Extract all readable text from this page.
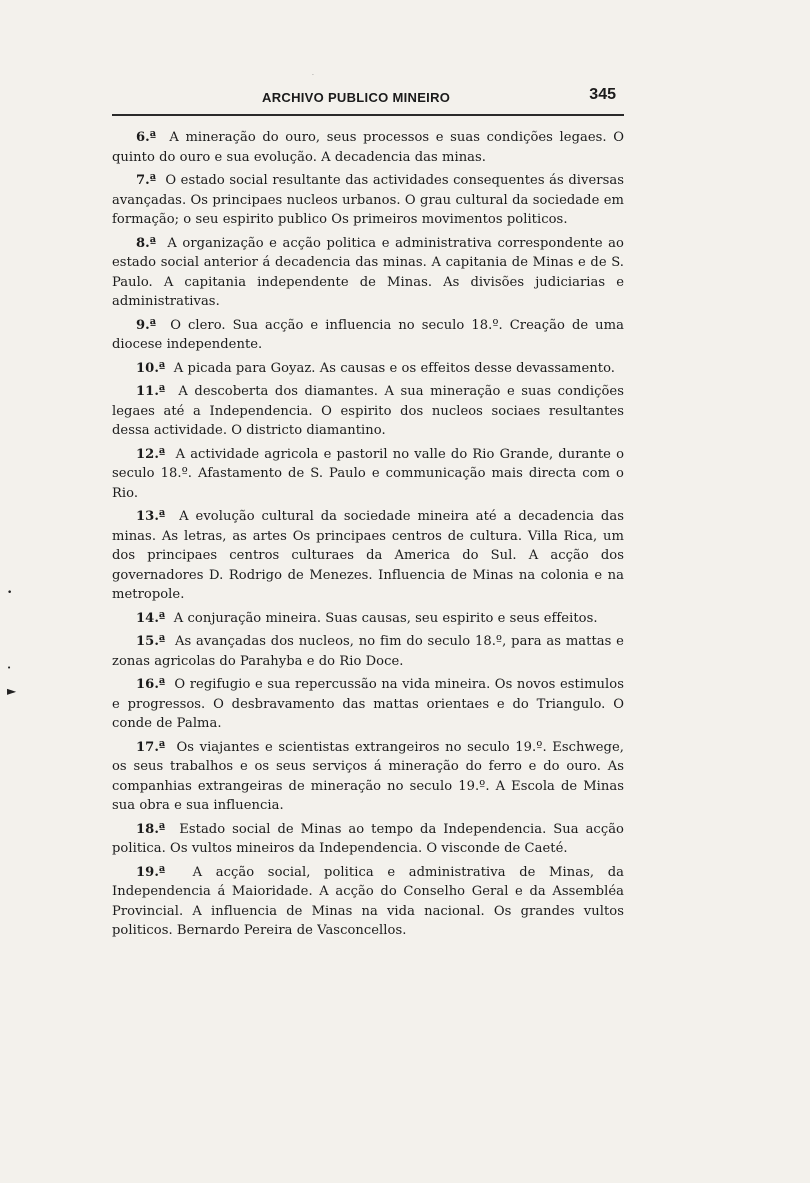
·
ARCHIVO PUBLICO MINEIRO	345

6.ª A mineração do ouro, seus processos e suas condições legaes. O quinto do ouro e sua evolução. A decadencia das minas.

7.ª O estado social resultante das actividades consequentes ás diversas avançadas. Os principaes nucleos urbanos. O grau cultural da sociedade em formação; o seu espirito publico Os primeiros movimentos politicos.

8.ª A organização e acção politica e administrativa correspondente ao estado social anterior á decadencia das minas. A capitania de Minas e de S. Paulo. A capitania independente de Minas. As divisões judiciarias e administrativas.

9.ª O clero. Sua acção e influencia no seculo 18.º. Creação de uma diocese independente.

10.ª A picada para Goyaz. As causas e os effeitos desse devassamento.

11.ª A descoberta dos diamantes. A sua mineração e suas condições legaes até a Independencia. O espirito dos nucleos sociaes resultantes dessa actividade. O districto diamantino.

12.ª A actividade agricola e pastoril no valle do Rio Grande, durante o seculo 18.º. Afastamento de S. Paulo e communicação mais directa com o Rio.

13.ª A evolução cultural da sociedade mineira até a decadencia das minas. As letras, as artes Os principaes centros de cultura. Villa Rica, um dos principaes centros culturaes da America do Sul. A acção dos governadores D. Rodrigo de Menezes. Influencia de Minas na colonia e na metropole.

14.ª A conjuração mineira. Suas causas, seu espirito e seus effeitos.

15.ª As avançadas dos nucleos, no fim do seculo 18.º, para as mattas e zonas agricolas do Parahyba e do Rio Doce.

16.ª O regifugio e sua repercussão na vida mineira. Os novos estimulos e progressos. O desbravamento das mattas orientaes e do Triangulo. O conde de Palma.

17.ª Os viajantes e scientistas extrangeiros no seculo 19.º. Eschwege, os seus trabalhos e os seus serviços á mineração do ferro e do ouro. As companhias extrangeiras de mineração no seculo 19.º. A Escola de Minas sua obra e sua influencia.

18.ª Estado social de Minas ao tempo da Independencia. Sua acção politica. Os vultos mineiros da Independencia. O visconde de Caeté.

19.ª A acção social, politica e administrativa de Minas, da Independencia á Maioridade. A acção do Conselho Geral e da Assembléa Provincial. A influencia de Minas na vida nacional. Os grandes vultos politicos. Bernardo Pereira de Vasconcellos.

•
•
►
